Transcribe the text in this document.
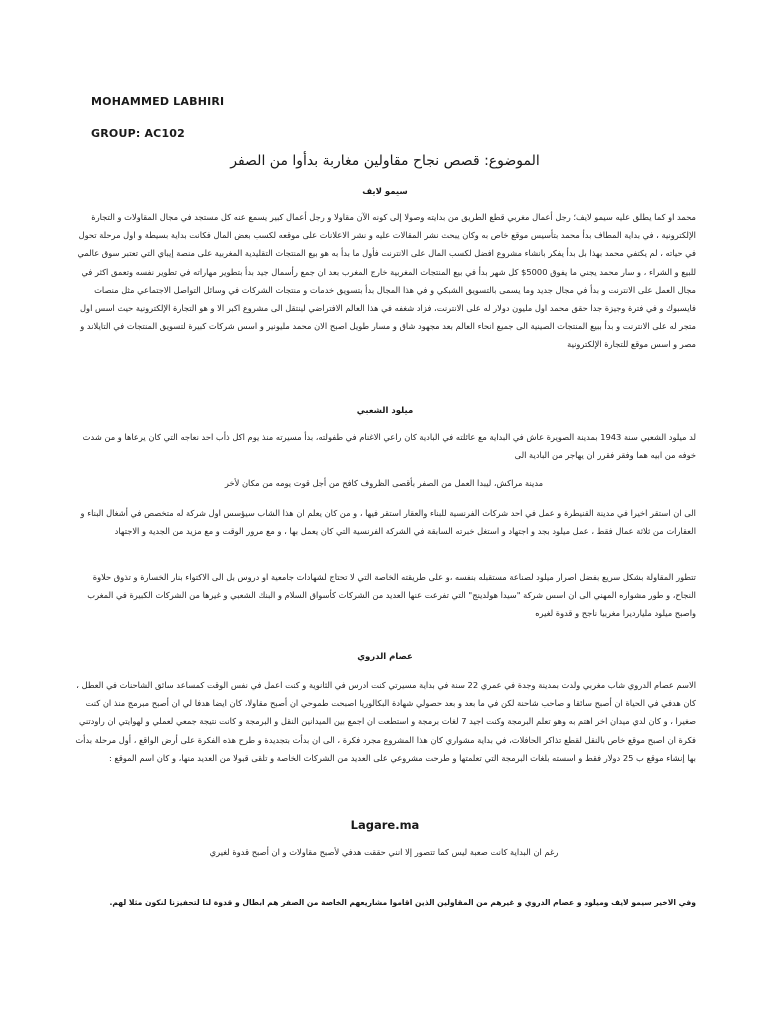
MOHAMMED LABHIRI
GROUP: AC102
الموضوع: قصص نجاح مقاولين مغاربة بدأوا من الصفر
سيمو لايف

محمد او كما يطلق عليه سيمو لايف؛ رجل أعمال مغربي قطع الطريق من بدايته وصولا إلى كونه الآن مقاولا و رجل أعمال كبير يسمع عنه كل مستجد في مجال المقاولات و التجارة الإلكترونية ، في بداية المطاف بدأ محمد بتأسيس موقع خاص به وكان يبحث نشر المقالات عليه و نشر الاعلانات على موقعه لكسب بعض المال فكانت بداية بسيطة و اول مرحلة تحول في حياته ، لم يكتفي محمد بهذا بل بدأ يفكر بانشاء مشروع افضل لكسب المال على الانترنت فأول ما بدأ به هو بيع المنتجات التقليدية المغربية على منصة إيباي التي تعتبر سوق عالمي للبيع و الشراء ، و سار محمد يجني ما يفوق 5000$ كل شهر بدأ في بيع المنتجات المغربية خارج المغرب بعد ان جمع رأسمال جيد بدأ بتطوير مهاراته في تطوير نفسه وتعمق اكثر في مجال العمل على الانترنت و بدأ في مجال جديد وما يسمى بالتسويق الشبكي و في هذا المجال بدأ بتسويق خدمات و منتجات الشركات في وسائل التواصل الاجتماعي مثل منصات فايسبوك و في فترة وجيزة جدا حقق محمد اول مليون دولار له على الانترنت، فزاد شغفه في هذا العالم الافتراضي لينتقل الى مشروع اكبر الا و هو التجارة الإلكترونية حيث اسس اول متجر له على الانترنت و بدأ ببيع المنتجات الصينية الى جميع انحاء العالم بعد مجهود شاق و مسار طويل اصبح الان محمد مليونير و اسس شركات كبيرة لتسويق المنتجات في التايلاند و مصر و اسس موقع للتجارة الإلكترونية

ميلود الشعبي

لد ميلود الشعبي سنة 1943 بمدينة الصويرة عاش في البداية مع عائلته في البادية كان راعي الاغنام في طفولته، بدأ مسيرته منذ يوم اكل ذأب احد نعاجه التي كان يرعاها و من شدت خوفه من ابيه هما وفقر فقرر ان يهاجر من البادية الى

مدينة مراكش، ليبدا العمل من الصفر بأقصى الظروف كافح من أجل قوت يومه من مكان لأخر

الى ان استقر اخيرا في مدينة القنيطرة و عمل في احد شركات الفرنسية للبناء والعقار استقر فيها ، و من كان يعلم ان هذا الشاب سيؤسس اول شركة له متخصص في أشغال البناء و العقارات من ثلاثة عمال فقط ، عمل ميلود بجد و اجتهاد و استغل خبرته السابقة في الشركة الفرنسية التي كان يعمل بها ، و مع مرور الوقت و مع مزيد من الجدية و الاجتهاد

تتطور المقاولة بشكل سريع بفضل اصرار ميلود لصناعة مستقبله بنفسه ،و على طريقته الخاصة التي لا تحتاج لشهادات جامعية او دروس بل الى الاكتواء بنار الخسارة و تذوق حلاوة النجاح، و طور مشواره المهني الى ان اسس شركة "سيدا هولدينج" التي تفرعت عنها العديد من الشركات كأسواق السلام و البنك الشعبي و غيرها من الشركات الكبيرة في المغرب واصبح ميلود مليارديرا مغربيا ناجح و قدوة لغيره

عصام الدروي

الاسم عصام الدروي شاب مغربي ولدت بمدينة وجدة في عمري 22 سنة في بداية مسيرتي كنت ادرس في الثانوية و كنت اعمل في نفس الوقت كمساعد سائق الشاحنات في العطل ، كان هدفي في الحياة ان أصبح سائقا و صاحب شاحنة لكن في ما بعد و بعد حصولي شهادة البكالوريا اصبحت طموحي ان أصبح مقاولا، كان ايضا هدفا لي ان أصبح مبرمج منذ ان كنت صغيرا ، و كان لدي ميدان اخر اهتم به وهو تعلم البرمجة وكنت اجيد 7 لغات برمجة و استطعت ان اجمع بين الميدانين النقل و البرمجة و كانت نتيجة جمعي لعملي و لهوايتي ان راودتني فكرة ان اصبح موقع خاص بالنقل لقطع تذاكر الحافلات، في بداية مشواري كان هذا المشروع مجرد فكرة ، الى ان بدأت بتجديدة و طرح هذه الفكرة على أرض الواقع ، أول مرحلة بدأت بها إنشاء موقع ب 25 دولار فقط و اسسته بلغات البرمجة التي تعلمتها و طرحت مشروعي على العديد من الشركات الخاصة و تلقى قبولا من العديد منها، و كان اسم الموقع :

Lagare.ma

رغم ان البداية كانت صعبة ليس كما تتصور إلا انني حققت هدفي لأصبح مقاولات و ان أصبح قدوة لغيري

وفي الاخير سيمو لايف وميلود و عصام الدروي و غيرهم من المقاولين الذين اقاموا مشاريعهم الخاصة من الصفر هم ابطال و قدوة لنا لتحفيزنا لنكون مثلا لهم.
